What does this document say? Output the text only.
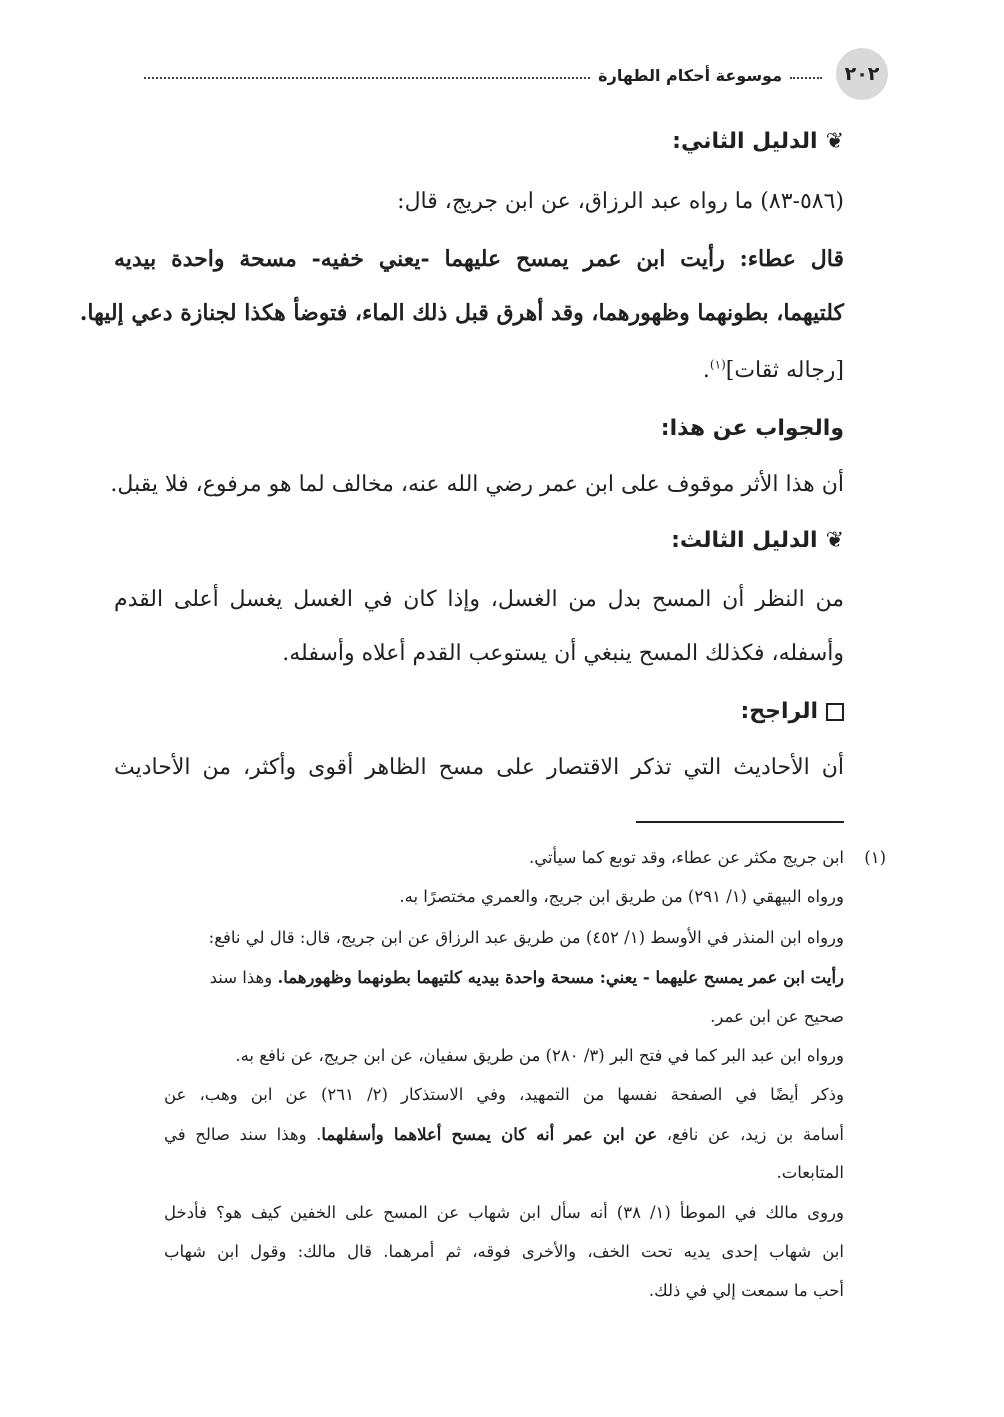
٢٠٢
موسوعة أحكام الطهارة
❦الدليل الثاني:
(٥٨٦-٨٣) ما رواه عبد الرزاق، عن ابن جريج، قال:
قال عطاء: رأيت ابن عمر يمسح عليهما -يعني خفيه- مسحة واحدة بيديه
كلتيهما، بطونهما وظهورهما، وقد أهرق قبل ذلك الماء، فتوضأ هكذا لجنازة دعي إليها.
[رجاله ثقات]$^{(١)}$.
والجواب عن هذا:
أن هذا الأثر موقوف على ابن عمر رضي الله عنه، مخالف لما هو مرفوع، فلا يقبل.
❦الدليل الثالث:
من النظر أن المسح بدل من الغسل، وإذا كان في الغسل يغسل أعلى القدم
وأسفله، فكذلك المسح ينبغي أن يستوعب القدم أعلاه وأسفله.
الراجح:
أن الأحاديث التي تذكر الاقتصار على مسح الظاهر أقوى وأكثر، من الأحاديث
(١)
ابن جريج مكثر عن عطاء، وقد توبع كما سيأتي.
ورواه البيهقي (١/ ٢٩١) من طريق ابن جريج، والعمري مختصرًا به.
ورواه ابن المنذر في الأوسط (١/ ٤٥٢) من طريق عبد الرزاق عن ابن جريج، قال: قال لي نافع:
رأيت ابن عمر يمسح عليهما - يعني: مسحة واحدة بيديه كلتيهما بطونهما وظهورهما. وهذا سند
صحيح عن ابن عمر.
ورواه ابن عبد البر كما في فتح البر (٣/ ٢٨٠) من طريق سفيان، عن ابن جريج، عن نافع به.
وذكر أيضًا في الصفحة نفسها من التمهيد، وفي الاستذكار (٢/ ٢٦١) عن ابن وهب، عن
أسامة بن زيد، عن نافع، عن ابن عمر أنه كان يمسح أعلاهما وأسفلهما. وهذا سند صالح في
المتابعات.
وروى مالك في الموطأ (١/ ٣٨) أنه سأل ابن شهاب عن المسح على الخفين كيف هو؟ فأدخل
ابن شهاب إحدى يديه تحت الخف، والأخرى فوقه، ثم أمرهما. قال مالك: وقول ابن شهاب
أحب ما سمعت إلي في ذلك.
